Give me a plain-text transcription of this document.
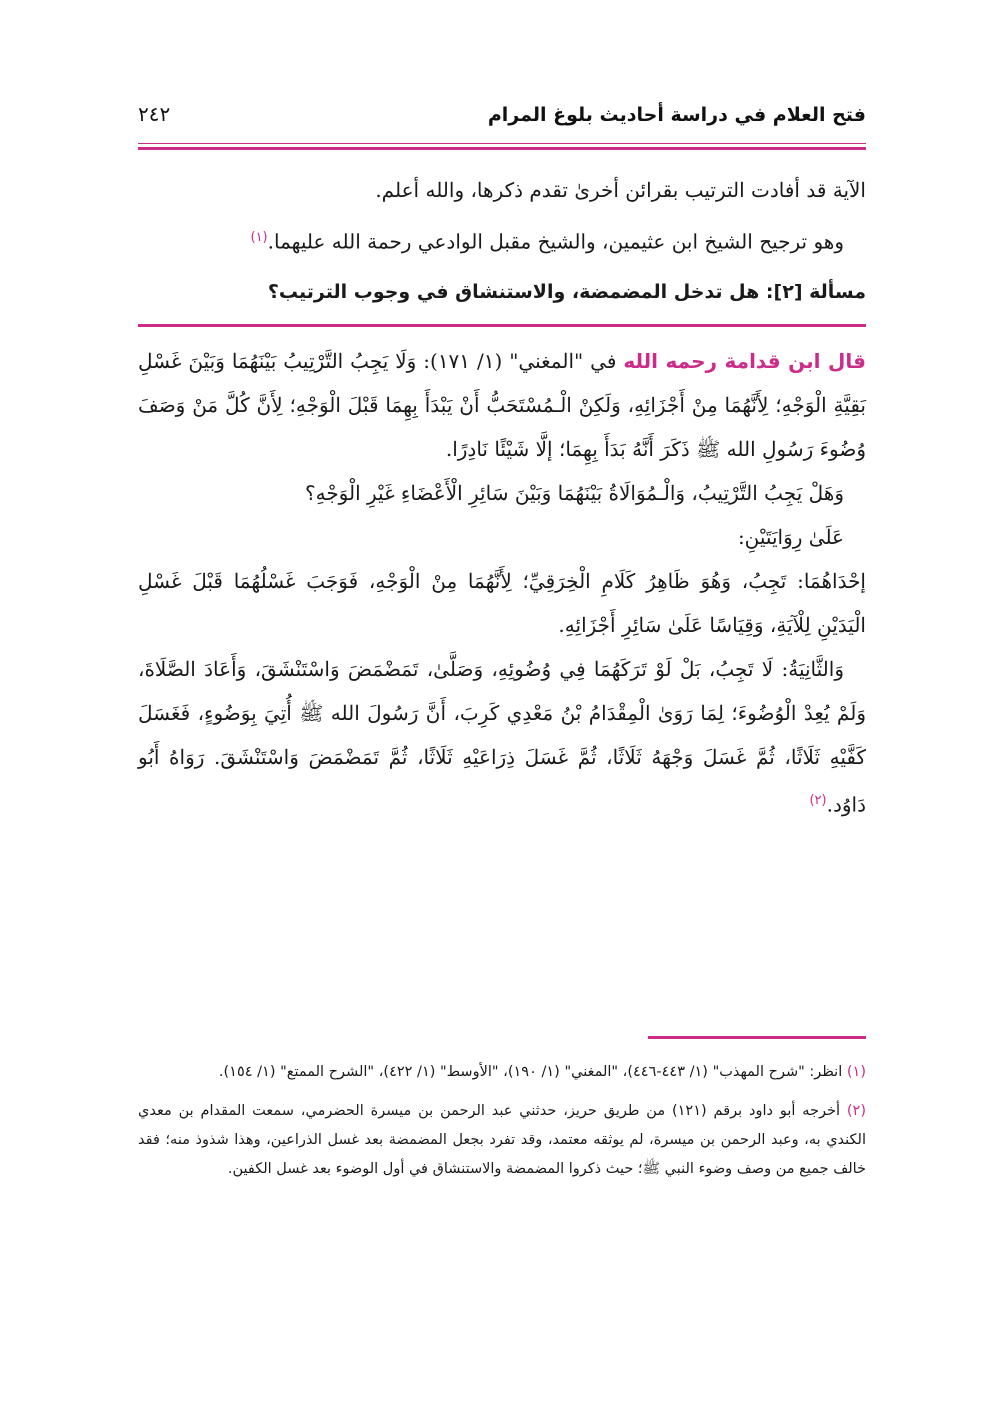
فتح العلام في دراسة أحاديث بلوغ المرام
٢٤٢

الآية قد أفادت الترتيب بقرائن أخرىٰ تقدم ذكرها، والله أعلم.

وهو ترجيح الشيخ ابن عثيمين، والشيخ مقبل الوادعي رحمة الله عليهما.$^{(١)}$

مسألة [٢]: هل تدخل المضمضة، والاستنشاق في وجوب الترتيب؟

قال ابن قدامة رحمه الله في "المغني" (١/ ١٧١): وَلَا يَجِبُ التَّرْتِيبُ بَيْنَهُمَا وَبَيْنَ غَسْلِ بَقِيَّةِ الْوَجْهِ؛ لِأَنَّهُمَا مِنْ أَجْزَائِهِ، وَلَكِنْ الْـمُسْتَحَبُّ أَنْ يَبْدَأَ بِهِمَا قَبْلَ الْوَجْهِ؛ لِأَنَّ كُلَّ مَنْ وَصَفَ وُضُوءَ رَسُولِ الله ﷺ ذَكَرَ أَنَّهُ بَدَأَ بِهِمَا؛ إلَّا شَيْئًا نَادِرًا.

وَهَلْ يَجِبُ التَّرْتِيبُ، وَالْـمُوَالَاةُ بَيْنَهُمَا وَبَيْنَ سَائِرِ الْأَعْضَاءِ غَيْرِ الْوَجْهِ؟

عَلَىٰ رِوَايَتَيْنِ:

إحْدَاهُمَا: تَجِبُ، وَهُوَ ظَاهِرُ كَلَامِ الْخِرَقِيِّ؛ لِأَنَّهُمَا مِنْ الْوَجْهِ، فَوَجَبَ غَسْلُهُمَا قَبْلَ غَسْلِ الْيَدَيْنِ لِلْآيَةِ، وَقِيَاسًا عَلَىٰ سَائِرِ أَجْزَائِهِ.

وَالثَّانِيَةُ: لَا تَجِبُ، بَلْ لَوْ تَرَكَهُمَا فِي وُضُوئِهِ، وَصَلَّىٰ، تَمَضْمَضَ وَاسْتَنْشَقَ، وَأَعَادَ الصَّلَاةَ، وَلَمْ يُعِدْ الْوُضُوءَ؛ لِمَا رَوَىٰ الْمِقْدَامُ بْنُ مَعْدِي كَرِبَ، أَنَّ رَسُولَ الله ﷺ أُتِيَ بِوَضُوءٍ، فَغَسَلَ كَفَّيْهِ ثَلَاثًا، ثُمَّ غَسَلَ وَجْهَهُ ثَلَاثًا، ثُمَّ غَسَلَ ذِرَاعَيْهِ ثَلَاثًا، ثُمَّ تَمَضْمَضَ وَاسْتَنْشَقَ. رَوَاهُ أَبُو دَاوُد.$^{(٢)}$

(١) انظر: "شرح المهذب" (١/ ٤٤٣-٤٤٦)، "المغني" (١/ ١٩٠)، "الأوسط" (١/ ٤٢٢)، "الشرح الممتع" (١/ ١٥٤).

(٢) أخرجه أبو داود برقم (١٢١) من طريق حريز، حدثني عبد الرحمن بن ميسرة الحضرمي، سمعت المقدام بن معدي الكندي به، وعبد الرحمن بن ميسرة، لم يوثقه معتمد، وقد تفرد بجعل المضمضة بعد غسل الذراعين، وهذا شذوذ منه؛ فقد خالف جميع من وصف وضوء النبي ﷺ؛ حيث ذكروا المضمضة والاستنشاق في أول الوضوء بعد غسل الكفين.
